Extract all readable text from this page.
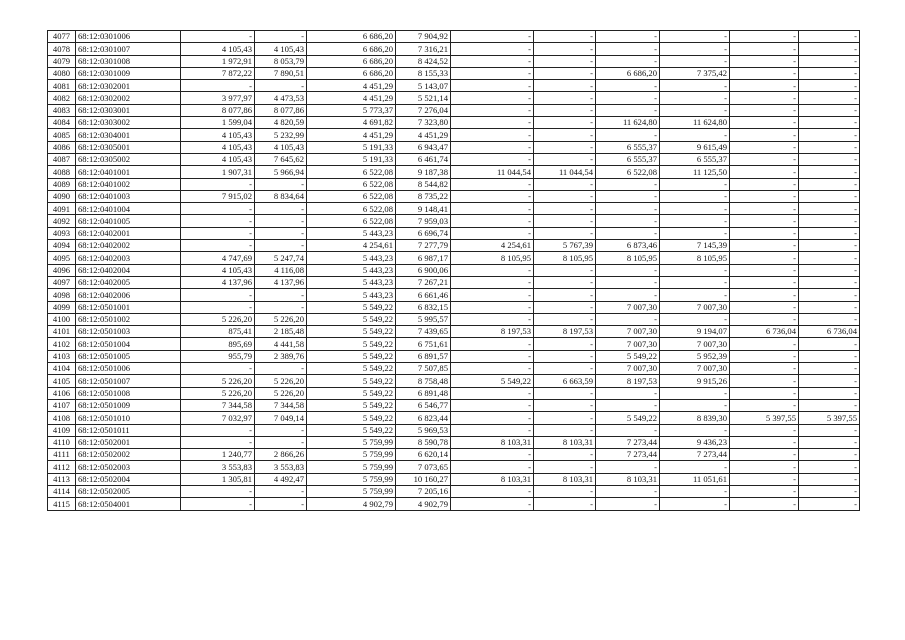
4077	68:12:0301006	-	-	6 686,20	7 904,92	-	-	-	-	-	-
4078	68:12:0301007	4 105,43	4 105,43	6 686,20	7 316,21	-	-	-	-	-	-
4079	68:12:0301008	1 972,91	8 053,79	6 686,20	8 424,52	-	-	-	-	-	-
4080	68:12:0301009	7 872,22	7 890,51	6 686,20	8 155,33	-	-	6 686,20	7 375,42	-	-
4081	68:12:0302001	-	-	4 451,29	5 143,07	-	-	-	-	-	-
4082	68:12:0302002	3 977,97	4 473,53	4 451,29	5 521,14	-	-	-	-	-	-
4083	68:12:0303001	8 077,86	8 077,86	5 773,37	7 276,04	-	-	-	-	-	-
4084	68:12:0303002	1 599,04	4 820,59	4 691,82	7 323,80	-	-	11 624,80	11 624,80	-	-
4085	68:12:0304001	4 105,43	5 232,99	4 451,29	4 451,29	-	-	-	-	-	-
4086	68:12:0305001	4 105,43	4 105,43	5 191,33	6 943,47	-	-	6 555,37	9 615,49	-	-
4087	68:12:0305002	4 105,43	7 645,62	5 191,33	6 461,74	-	-	6 555,37	6 555,37	-	-
4088	68:12:0401001	1 907,31	5 966,94	6 522,08	9 187,38	11 044,54	11 044,54	6 522,08	11 125,50	-	-
4089	68:12:0401002	-	-	6 522,08	8 544,82	-	-	-	-	-	-
4090	68:12:0401003	7 915,02	8 834,64	6 522,08	8 735,22	-	-	-	-	-	-
4091	68:12:0401004	-	-	6 522,08	9 148,41	-	-	-	-	-	-
4092	68:12:0401005	-	-	6 522,08	7 959,03	-	-	-	-	-	-
4093	68:12:0402001	-	-	5 443,23	6 696,74	-	-	-	-	-	-
4094	68:12:0402002	-	-	4 254,61	7 277,79	4 254,61	5 767,39	6 873,46	7 145,39	-	-
4095	68:12:0402003	4 747,69	5 247,74	5 443,23	6 987,17	8 105,95	8 105,95	8 105,95	8 105,95	-	-
4096	68:12:0402004	4 105,43	4 116,08	5 443,23	6 900,06	-	-	-	-	-	-
4097	68:12:0402005	4 137,96	4 137,96	5 443,23	7 267,21	-	-	-	-	-	-
4098	68:12:0402006	-	-	5 443,23	6 661,46	-	-	-	-	-	-
4099	68:12:0501001	-	-	5 549,22	6 832,15	-	-	7 007,30	7 007,30	-	-
4100	68:12:0501002	5 226,20	5 226,20	5 549,22	5 995,57	-	-	-	-	-	-
4101	68:12:0501003	875,41	2 185,48	5 549,22	7 439,65	8 197,53	8 197,53	7 007,30	9 194,07	6 736,04	6 736,04
4102	68:12:0501004	895,69	4 441,58	5 549,22	6 751,61	-	-	7 007,30	7 007,30	-	-
4103	68:12:0501005	955,79	2 389,76	5 549,22	6 891,57	-	-	5 549,22	5 952,39	-	-
4104	68:12:0501006	-	-	5 549,22	7 507,85	-	-	7 007,30	7 007,30	-	-
4105	68:12:0501007	5 226,20	5 226,20	5 549,22	8 758,48	5 549,22	6 663,59	8 197,53	9 915,26	-	-
4106	68:12:0501008	5 226,20	5 226,20	5 549,22	6 891,48	-	-	-	-	-	-
4107	68:12:0501009	7 344,58	7 344,58	5 549,22	6 546,77	-	-	-	-	-	-
4108	68:12:0501010	7 032,97	7 049,14	5 549,22	6 823,44	-	-	5 549,22	8 839,30	5 397,55	5 397,55
4109	68:12:0501011	-	-	5 549,22	5 969,53	-	-	-	-	-	-
4110	68:12:0502001	-	-	5 759,99	8 590,78	8 103,31	8 103,31	7 273,44	9 436,23	-	-
4111	68:12:0502002	1 240,77	2 866,26	5 759,99	6 620,14	-	-	7 273,44	7 273,44	-	-
4112	68:12:0502003	3 553,83	3 553,83	5 759,99	7 073,65	-	-	-	-	-	-
4113	68:12:0502004	1 305,81	4 492,47	5 759,99	10 160,27	8 103,31	8 103,31	8 103,31	11 051,61	-	-
4114	68:12:0502005	-	-	5 759,99	7 205,16	-	-	-	-	-	-
4115	68:12:0504001	-	-	4 902,79	4 902,79	-	-	-	-	-	-
